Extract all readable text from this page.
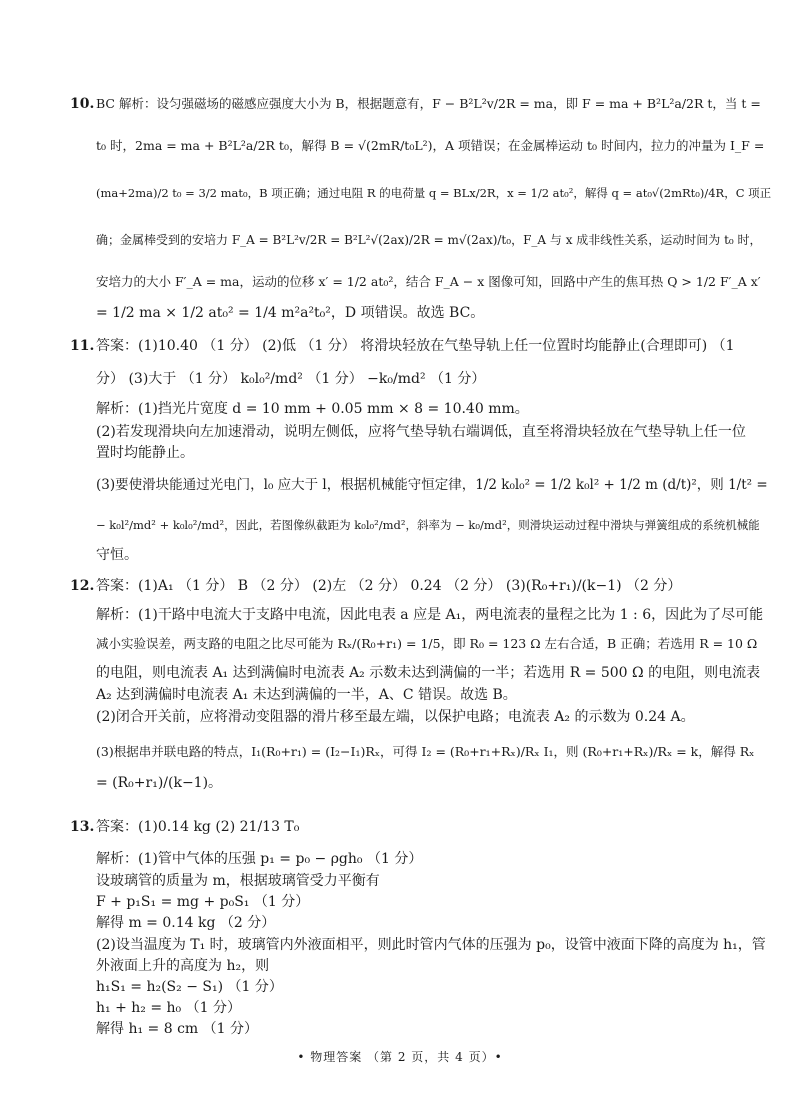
10. BC 解析：设匀强磁场的磁感应强度大小为 B，根据题意有，F − B²L²v/2R = ma，即 F = ma + B²L²a/2R t，当 t =
t₀ 时，2ma = ma + B²L²a/2R t₀，解得 B = √(2mR/t₀L²)，A 项错误；在金属棒运动 t₀ 时间内，拉力的冲量为 I_F =
(ma+2ma)/2 t₀ = 3/2 mat₀，B 项正确；通过电阻 R 的电荷量 q = BLx/2R，x = 1/2 at₀²，解得 q = at₀√(2mRt₀)/4R，C 项正
确；金属棒受到的安培力 F_A = B²L²v/2R = B²L²√(2ax)/2R = m√(2ax)/t₀，F_A 与 x 成非线性关系，运动时间为 t₀ 时，
安培力的大小 F′_A = ma，运动的位移 x′ = 1/2 at₀²，结合 F_A − x 图像可知，回路中产生的焦耳热 Q > 1/2 F′_A x′
= 1/2 ma × 1/2 at₀² = 1/4 m²a²t₀²，D 项错误。故选 BC。
11. 答案：(1)10.40 （1 分） (2)低 （1 分） 将滑块轻放在气垫导轨上任一位置时均能静止(合理即可) （1
分） (3)大于 （1 分） k₀l₀²/md² （1 分） −k₀/md² （1 分）
解析：(1)挡光片宽度 d = 10 mm + 0.05 mm × 8 = 10.40 mm。
(2)若发现滑块向左加速滑动，说明左侧低，应将气垫导轨右端调低，直至将滑块轻放在气垫导轨上任一位
置时均能静止。
(3)要使滑块能通过光电门，l₀ 应大于 l，根据机械能守恒定律，1/2 k₀l₀² = 1/2 k₀l² + 1/2 m (d/t)²，则 1/t² =
− k₀l²/md² + k₀l₀²/md²，因此，若图像纵截距为 k₀l₀²/md²，斜率为 − k₀/md²，则滑块运动过程中滑块与弹簧组成的系统机械能
守恒。
12. 答案：(1)A₁ （1 分） B （2 分） (2)左 （2 分） 0.24 （2 分） (3)(R₀+r₁)/(k−1) （2 分）
解析：(1)干路中电流大于支路中电流，因此电表 a 应是 A₁，两电流表的量程之比为 1 : 6，因此为了尽可能
减小实验误差，两支路的电阻之比尽可能为 Rₓ/(R₀+r₁) = 1/5，即 R₀ = 123 Ω 左右合适，B 正确；若选用 R = 10 Ω
的电阻，则电流表 A₁ 达到满偏时电流表 A₂ 示数未达到满偏的一半；若选用 R = 500 Ω 的电阻，则电流表
A₂ 达到满偏时电流表 A₁ 未达到满偏的一半，A、C 错误。故选 B。
(2)闭合开关前，应将滑动变阻器的滑片移至最左端，以保护电路；电流表 A₂ 的示数为 0.24 A。
(3)根据串并联电路的特点，I₁(R₀+r₁) = (I₂−I₁)Rₓ，可得 I₂ = (R₀+r₁+Rₓ)/Rₓ I₁，则 (R₀+r₁+Rₓ)/Rₓ = k，解得 Rₓ
= (R₀+r₁)/(k−1)。
13. 答案：(1)0.14 kg (2) 21/13 T₀
解析：(1)管中气体的压强 p₁ = p₀ − ρgh₀ （1 分）
设玻璃管的质量为 m，根据玻璃管受力平衡有
F + p₁S₁ = mg + p₀S₁ （1 分）
解得 m = 0.14 kg （2 分）
(2)设当温度为 T₁ 时，玻璃管内外液面相平，则此时管内气体的压强为 p₀，设管中液面下降的高度为 h₁，管
外液面上升的高度为 h₂，则
h₁S₁ = h₂(S₂ − S₁) （1 分）
h₁ + h₂ = h₀ （1 分）
解得 h₁ = 8 cm （1 分）
• 物理答案 （第 2 页，共 4 页）•
